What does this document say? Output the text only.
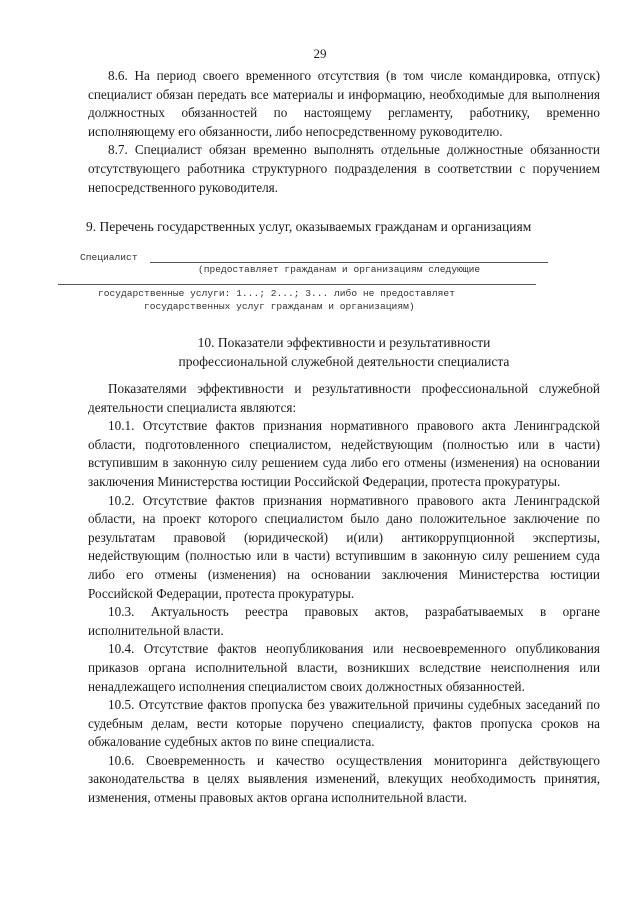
29

8.6. На период своего временного отсутствия (в том числе командировка, отпуск) специалист обязан передать все материалы и информацию, необходимые для выполнения должностных обязанностей по настоящему регламенту, работнику, временно исполняющему его обязанности, либо непосредственному руководителю.

8.7. Специалист обязан временно выполнять отдельные должностные обязанности отсутствующего работника структурного подразделения в соответствии с поручением непосредственного руководителя.

9. Перечень государственных услуг, оказываемых гражданам и организациям
Специалист
(предоставляет гражданам и организациям следующие
государственные услуги: 1...; 2...; 3... либо не предоставляет
государственных услуг гражданам и организациям)
10. Показатели эффективности и результативности
профессиональной служебной деятельности специалиста

Показателями эффективности и результативности профессиональной служебной деятельности специалиста являются:

10.1. Отсутствие фактов признания нормативного правового акта Ленинградской области, подготовленного специалистом, недействующим (полностью или в части) вступившим в законную силу решением суда либо его отмены (изменения) на основании заключения Министерства юстиции Российской Федерации, протеста прокуратуры.

10.2. Отсутствие фактов признания нормативного правового акта Ленинградской области, на проект которого специалистом было дано положительное заключение по результатам правовой (юридической) и(или) антикоррупционной экспертизы, недействующим (полностью или в части) вступившим в законную силу решением суда либо его отмены (изменения) на основании заключения Министерства юстиции Российской Федерации, протеста прокуратуры.

10.3. Актуальность реестра правовых актов, разрабатываемых в органе исполнительной власти.

10.4. Отсутствие фактов неопубликования или несвоевременного опубликования приказов органа исполнительной власти, возникших вследствие неисполнения или ненадлежащего исполнения специалистом своих должностных обязанностей.

10.5. Отсутствие фактов пропуска без уважительной причины судебных заседаний по судебным делам, вести которые поручено специалисту, фактов пропуска сроков на обжалование судебных актов по вине специалиста.

10.6. Своевременность и качество осуществления мониторинга действующего законодательства в целях выявления изменений, влекущих необходимость принятия, изменения, отмены правовых актов органа исполнительной власти.
